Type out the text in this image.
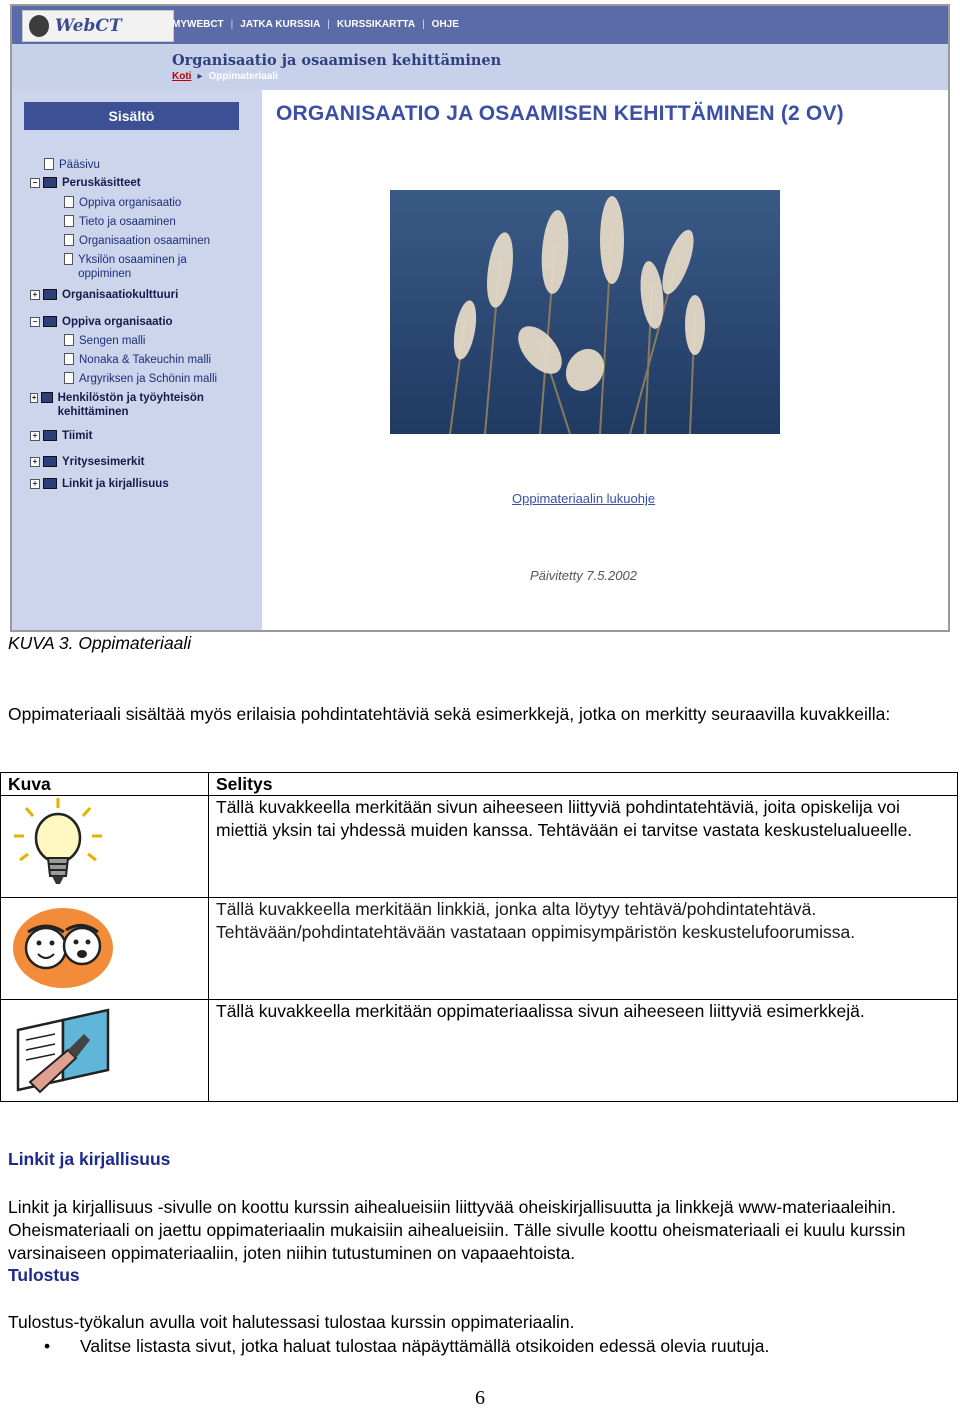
WebCT	MYWEBCT | JATKA KURSSIA | KURSSIKARTTA | OHJE
Organisaatio ja osaamisen kehittäminen
Koti ▸ Oppimateriaali
Sisältö
Pääsivu
− Peruskäsitteet
Oppiva organisaatio
Tieto ja osaaminen
Organisaation osaaminen
Yksilön osaaminen ja oppiminen
+ Organisaatiokulttuuri
− Oppiva organisaatio
Sengen malli
Nonaka & Takeuchin malli
Argyriksen ja Schönin malli
+ Henkilöstön ja työyhteisön kehittäminen
+ Tiimit
+ Yritysesimerkit
+ Linkit ja kirjallisuus
ORGANISAATIO JA OSAAMISEN KEHITTÄMINEN (2 OV)
Oppimateriaalin lukuohje
Päivitetty 7.5.2002
KUVA 3. Oppimateriaali
Oppimateriaali sisältää myös erilaisia pohdintatehtäviä sekä esimerkkejä, jotka on merkitty seuraavilla kuvakkeilla:
Kuva	Selitys
	Tällä kuvakkeella merkitään sivun aiheeseen liittyviä pohdintatehtäviä, joita opiskelija voi miettiä yksin tai yhdessä muiden kanssa. Tehtävään ei tarvitse vastata keskustelualueelle.
	Tällä kuvakkeella merkitään linkkiä, jonka alta löytyy tehtävä/pohdintatehtävä. Tehtävään/pohdintatehtävään vastataan oppimisympäristön keskustelufoorumissa.
	Tällä kuvakkeella merkitään oppimateriaalissa sivun aiheeseen liittyviä esimerkkejä.
Linkit ja kirjallisuus
Linkit ja kirjallisuus -sivulle on koottu kurssin aihealueisiin liittyvää oheiskirjallisuutta ja linkkejä www-materiaaleihin. Oheismateriaali on jaettu oppimateriaalin mukaisiin aihealueisiin. Tälle sivulle koottu oheismateriaali ei kuulu kurssin varsinaiseen oppimateriaaliin, joten niihin tutustuminen on vapaaehtoista.
Tulostus
Tulostus-työkalun avulla voit halutessasi tulostaa kurssin oppimateriaalin.
•	Valitse listasta sivut, jotka haluat tulostaa näpäyttämällä otsikoiden edessä olevia ruutuja.
6
